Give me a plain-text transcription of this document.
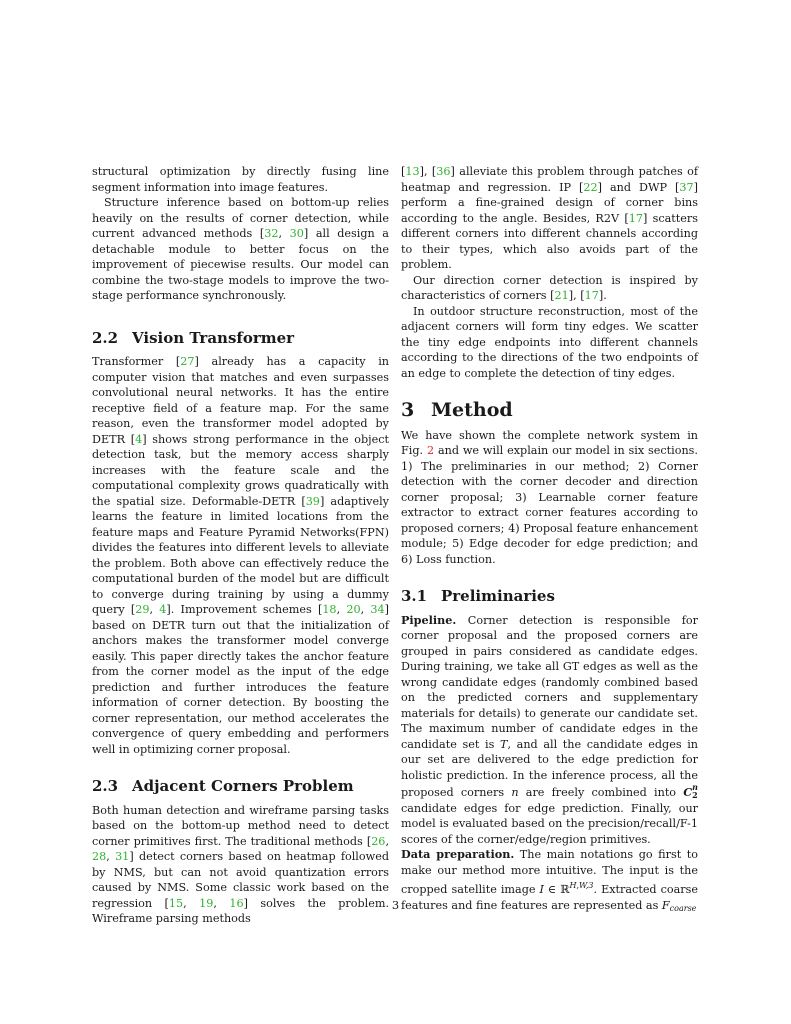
structural optimization by directly fusing line segment information into image features.

Structure inference based on bottom-up relies heavily on the results of corner detection, while current advanced methods [32, 30] all design a detachable module to better focus on the improvement of piecewise results. Our model can combine the two-stage models to improve the two-stage performance synchronously.

2.2 Vision Transformer

Transformer [27] already has a capacity in computer vision that matches and even surpasses convolutional neural networks. It has the entire receptive field of a feature map. For the same reason, even the transformer model adopted by DETR [4] shows strong performance in the object detection task, but the memory access sharply increases with the feature scale and the computational complexity grows quadratically with the spatial size. Deformable-DETR [39] adaptively learns the feature in limited locations from the feature maps and Feature Pyramid Networks(FPN) divides the features into different levels to alleviate the problem. Both above can effectively reduce the computational burden of the model but are difficult to converge during training by using a dummy query [29, 4]. Improvement schemes [18, 20, 34] based on DETR turn out that the initialization of anchors makes the transformer model converge easily. This paper directly takes the anchor feature from the corner model as the input of the edge prediction and further introduces the feature information of corner detection. By boosting the corner representation, our method accelerates the convergence of query embedding and performers well in optimizing corner proposal.

2.3 Adjacent Corners Problem

Both human detection and wireframe parsing tasks based on the bottom-up method need to detect corner primitives first. The traditional methods [26, 28, 31] detect corners based on heatmap followed by NMS, but can not avoid quantization errors caused by NMS. Some classic work based on the regression [15, 19, 16] solves the problem. Wireframe parsing methods

[13], [36] alleviate this problem through patches of heatmap and regression. IP [22] and DWP [37] perform a fine-grained design of corner bins according to the angle. Besides, R2V [17] scatters different corners into different channels according to their types, which also avoids part of the problem.

Our direction corner detection is inspired by characteristics of corners [21], [17].

In outdoor structure reconstruction, most of the adjacent corners will form tiny edges. We scatter the tiny edge endpoints into different channels according to the directions of the two endpoints of an edge to complete the detection of tiny edges.

3 Method

We have shown the complete network system in Fig. 2 and we will explain our model in six sections. 1) The preliminaries in our method; 2) Corner detection with the corner decoder and direction corner proposal; 3) Learnable corner feature extractor to extract corner features according to proposed corners; 4) Proposal feature enhancement module; 5) Edge decoder for edge prediction; and 6) Loss function.

3.1 Preliminaries

Pipeline. Corner detection is responsible for corner proposal and the proposed corners are grouped in pairs considered as candidate edges. During training, we take all GT edges as well as the wrong candidate edges (randomly combined based on the predicted corners and supplementary materials for details) to generate our candidate set. The maximum number of candidate edges in the candidate set is T, and all the candidate edges in our set are delivered to the edge prediction for holistic prediction. In the inference process, all the proposed corners n are freely combined into C n
2
candidate edges for edge prediction. Finally, our model is evaluated based on the precision/recall/F-1 scores of the corner/edge/region primitives.

Data preparation. The main notations go first to make our method more intuitive. The input is the cropped satellite image I ∈ ℝ$^{H,W,3}$. Extracted coarse features and fine features are represented as $F_{coarse}$

3
